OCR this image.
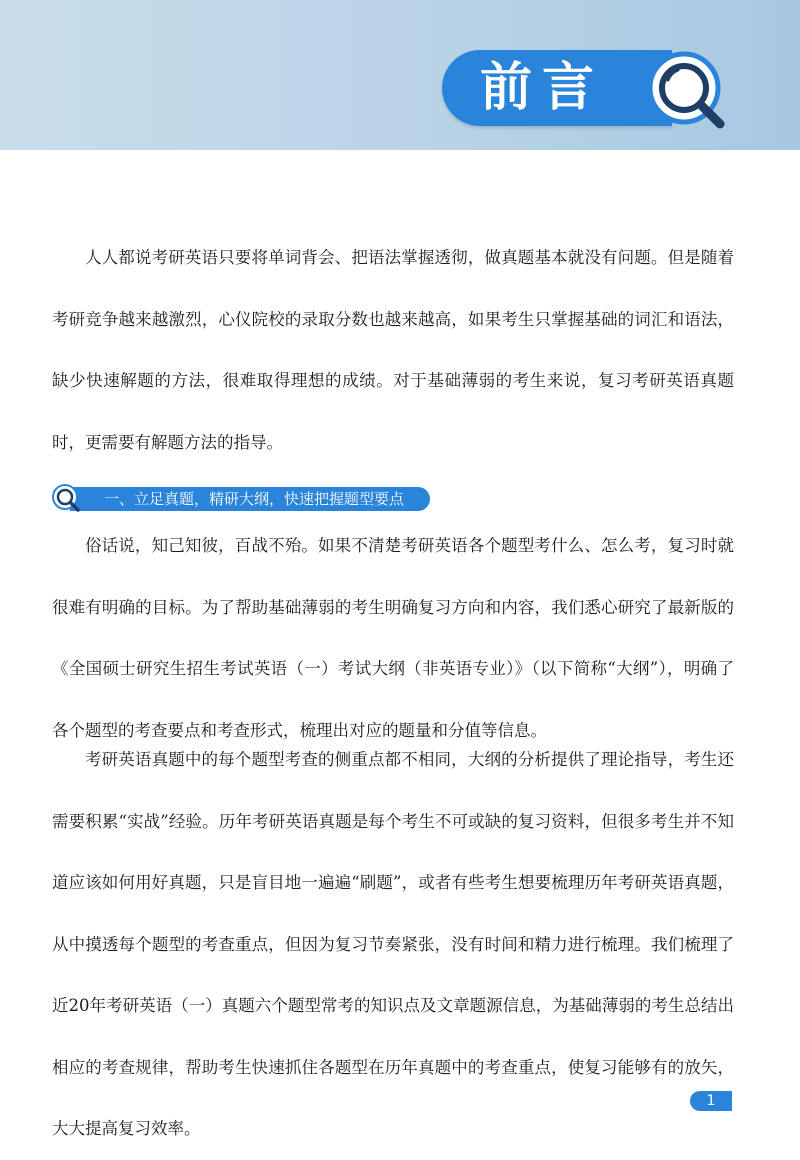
前言

人人都说考研英语只要将单词背会、把语法掌握透彻，做真题基本就没有问题。但是随着考研竞争越来越激烈，心仪院校的录取分数也越来越高，如果考生只掌握基础的词汇和语法，缺少快速解题的方法，很难取得理想的成绩。对于基础薄弱的考生来说，复习考研英语真题时，更需要有解题方法的指导。

一、立足真题，精研大纲，快速把握题型要点

俗话说，知己知彼，百战不殆。如果不清楚考研英语各个题型考什么、怎么考，复习时就很难有明确的目标。为了帮助基础薄弱的考生明确复习方向和内容，我们悉心研究了最新版的《全国硕士研究生招生考试英语（一）考试大纲（非英语专业）》（以下简称“大纲”），明确了各个题型的考查要点和考查形式，梳理出对应的题量和分值等信息。

考研英语真题中的每个题型考查的侧重点都不相同，大纲的分析提供了理论指导，考生还需要积累“实战”经验。历年考研英语真题是每个考生不可或缺的复习资料，但很多考生并不知道应该如何用好真题，只是盲目地一遍遍“刷题”，或者有些考生想要梳理历年考研英语真题，从中摸透每个题型的考查重点，但因为复习节奏紧张，没有时间和精力进行梳理。我们梳理了近20年考研英语（一）真题六个题型常考的知识点及文章题源信息，为基础薄弱的考生总结出相应的考查规律，帮助考生快速抓住各题型在历年真题中的考查重点，使复习能够有的放矢，大大提高复习效率。

1
